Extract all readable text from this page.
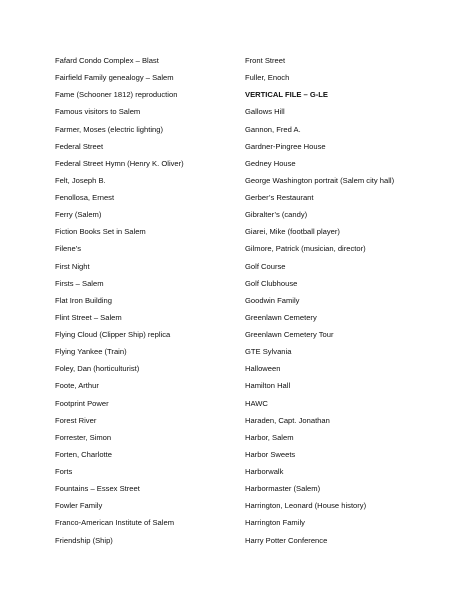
Fafard Condo Complex – Blast
Fairfield Family genealogy – Salem
Fame (Schooner 1812) reproduction
Famous visitors to Salem
Farmer, Moses (electric lighting)
Federal Street
Federal Street Hymn (Henry K. Oliver)
Felt, Joseph B.
Fenollosa, Ernest
Ferry (Salem)
Fiction Books Set in Salem
Filene’s
First Night
Firsts – Salem
Flat Iron Building
Flint Street – Salem
Flying Cloud (Clipper Ship) replica
Flying Yankee (Train)
Foley, Dan (horticulturist)
Foote, Arthur
Footprint Power
Forest River
Forrester, Simon
Forten, Charlotte
Forts
Fountains – Essex Street
Fowler Family
Franco-American Institute of Salem
Friendship (Ship)
Front Street
Fuller, Enoch
VERTICAL FILE – G-LE
Gallows Hill
Gannon, Fred A.
Gardner-Pingree House
Gedney House
George Washington portrait (Salem city hall)
Gerber’s Restaurant
Gibralter’s (candy)
Giarei, Mike (football player)
Gilmore, Patrick (musician, director)
Golf Course
Golf Clubhouse
Goodwin Family
Greenlawn Cemetery
Greenlawn Cemetery Tour
GTE Sylvania
Halloween
Hamilton Hall
HAWC
Haraden, Capt. Jonathan
Harbor, Salem
Harbor Sweets
Harborwalk
Harbormaster (Salem)
Harrington, Leonard (House history)
Harrington Family
Harry Potter Conference
